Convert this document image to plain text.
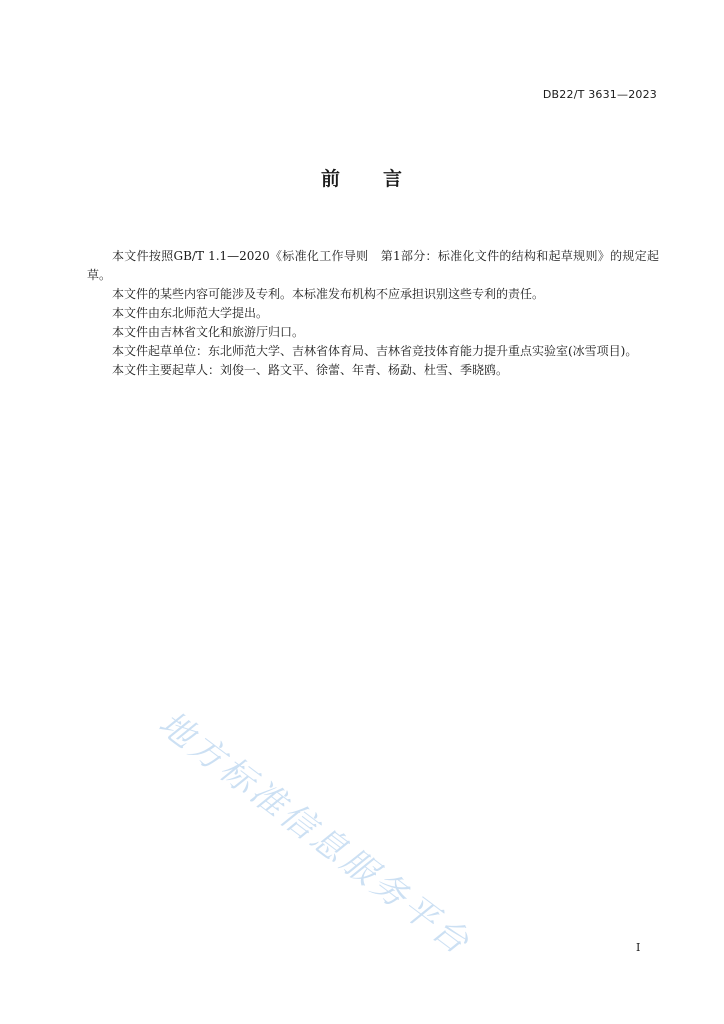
DB22/T 3631—2023
前 言

本文件按照GB/T 1.1—2020《标准化工作导则　第1部分：标准化文件的结构和起草规则》的规定起草。

本文件的某些内容可能涉及专利。本标准发布机构不应承担识别这些专利的责任。

本文件由东北师范大学提出。

本文件由吉林省文化和旅游厅归口。

本文件起草单位：东北师范大学、吉林省体育局、吉林省竞技体育能力提升重点实验室(冰雪项目)。

本文件主要起草人：刘俊一、路文平、徐蕾、年青、杨勐、杜雪、季晓鸥。

地方标准信息服务平台	I
